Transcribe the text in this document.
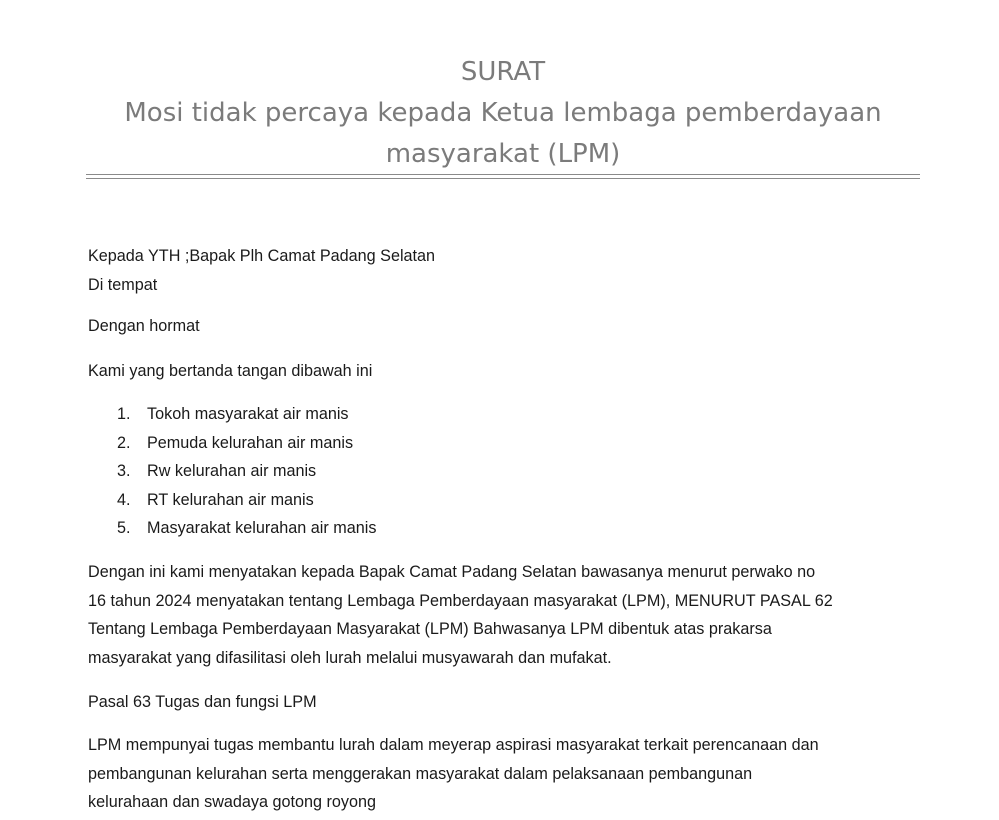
SURAT
Mosi tidak percaya kepada Ketua lembaga pemberdayaan
masyarakat (LPM)

Kepada YTH ;Bapak Plh Camat Padang Selatan
Di tempat

Dengan hormat

Kami yang bertanda tangan dibawah ini

1. Tokoh masyarakat air manis
2. Pemuda kelurahan air manis
3. Rw kelurahan air manis
4. RT kelurahan air manis
5. Masyarakat kelurahan air manis

Dengan ini kami menyatakan kepada Bapak Camat Padang Selatan bawasanya menurut perwako no
16 tahun 2024 menyatakan tentang Lembaga Pemberdayaan masyarakat (LPM), MENURUT PASAL 62
Tentang Lembaga Pemberdayaan Masyarakat (LPM) Bahwasanya LPM dibentuk atas prakarsa
masyarakat yang difasilitasi oleh lurah melalui musyawarah dan mufakat.

Pasal 63 Tugas dan fungsi LPM

LPM mempunyai tugas membantu lurah dalam meyerap aspirasi masyarakat terkait perencanaan dan
pembangunan kelurahan serta menggerakan masyarakat dalam pelaksanaan pembangunan
kelurahaan dan swadaya gotong royong
